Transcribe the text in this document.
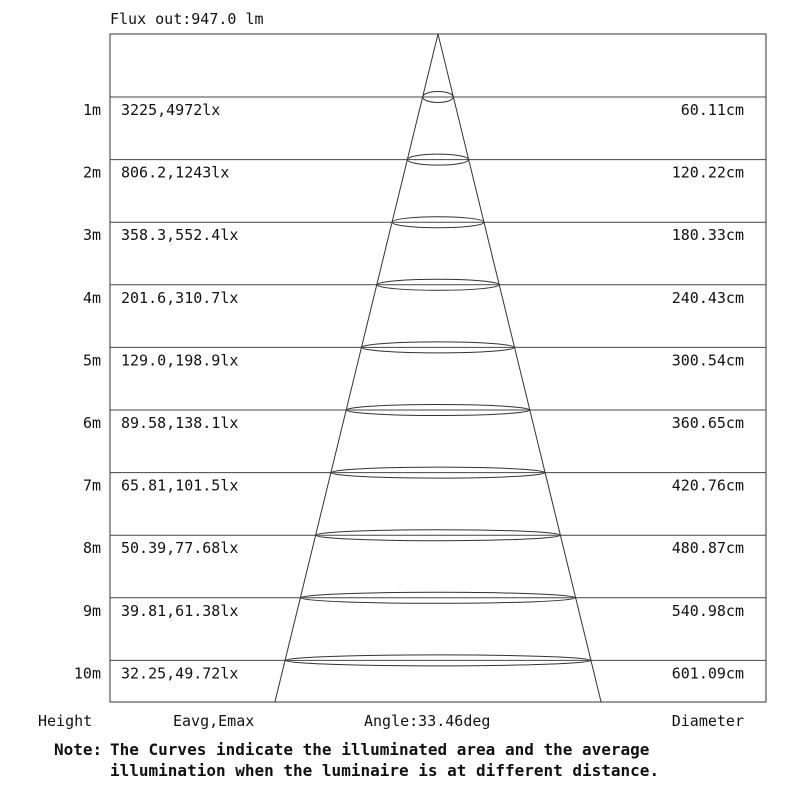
Flux out:947.0 lm
1m 3225,4972lx	60.11cm
2m 806.2,1243lx	120.22cm
3m 358.3,552.4lx	180.33cm
4m 201.6,310.7lx	240.43cm
5m 129.0,198.9lx	300.54cm
6m 89.58,138.1lx	360.65cm
7m 65.81,101.5lx	420.76cm
8m 50.39,77.68lx	480.87cm
9m 39.81,61.38lx	540.98cm
10m 32.25,49.72lx	601.09cm
Height	Eavg,Emax	Angle:33.46deg	Diameter
Note: The Curves indicate the illuminated area and the average
illumination when the luminaire is at different distance.
